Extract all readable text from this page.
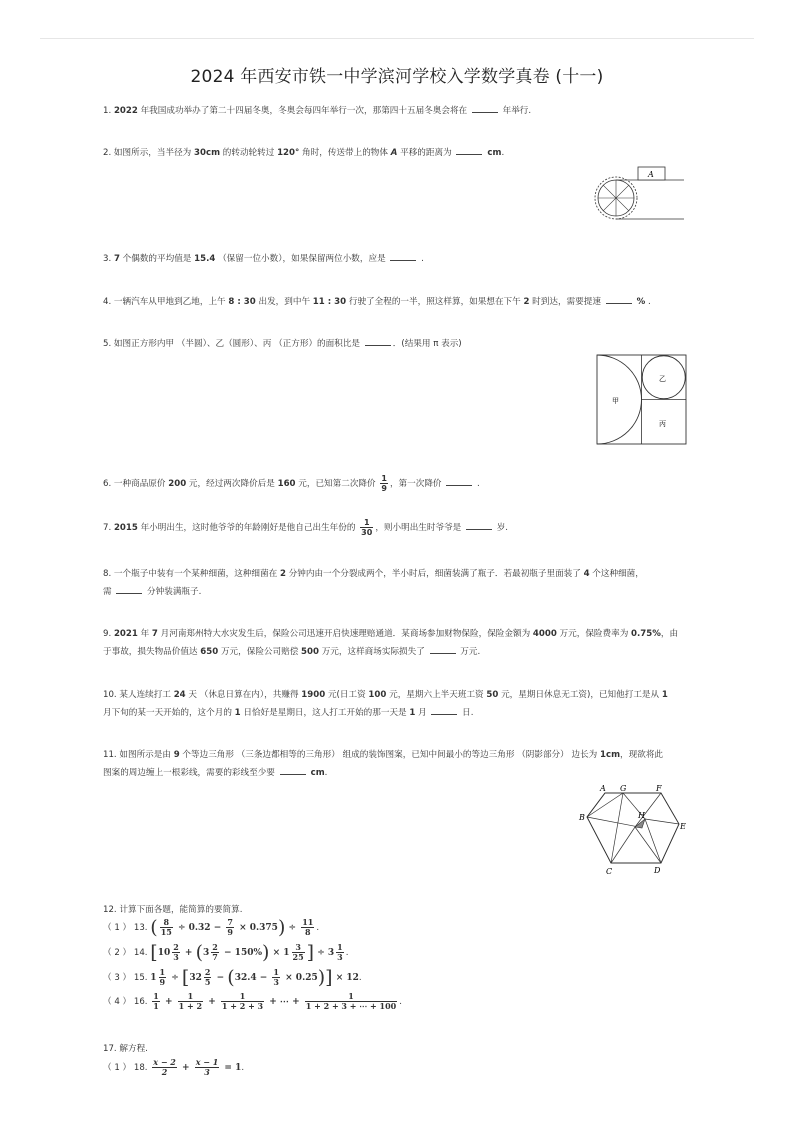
2024 年西安市铁一中学滨河学校入学数学真卷 (十一)
1. 2022 年我国成功举办了第二十四届冬奥，冬奥会每四年举行一次，那第四十五届冬奥会将在	年举行.
2. 如图所示，当半径为 30cm 的转动轮转过 120° 角时，传送带上的物体 A 平移的距离为	cm.
A
3. 7 个偶数的平均值是 15.4 （保留一位小数），如果保留两位小数，应是	.
4. 一辆汽车从甲地到乙地，上午 8 : 30 出发，到中午 11 : 30 行驶了全程的一半，照这样算，如果想在下午 2 时到达，需要提速	% .
5. 如图正方形内甲 （半圆）、乙（圆形）、丙 （正方形）的面积比是	．(结果用 π 表示)
甲
乙
丙
6. 一种商品原价 200 元，经过两次降价后是 160 元，已知第二次降价 $\frac{1}{9}$ ，第一次降价	.
7. 2015 年小明出生，这时他爷爷的年龄刚好是他自己出生年份的 $\frac{1}{30}$ ，则小明出生时爷爷是	岁.
8. 一个瓶子中装有一个某种细菌，这种细菌在 2 分钟内由一个分裂成两个，半小时后，细菌装满了瓶子．若最初瓶子里面装了 4 个这种细菌，
需	分钟装满瓶子.
9. 2021 年 7 月河南郑州特大水灾发生后，保险公司迅速开启快速理赔通道．某商场参加财物保险，保险金额为 4000 万元，保险费率为 0.75%，由
于事故，损失物品价值达 650 万元，保险公司赔偿 500 万元，这样商场实际损失了	万元.
10. 某人连续打工 24 天 （休息日算在内），共赚得 1900 元(日工资 100 元，星期六上半天班工资 50 元，星期日休息无工资)，已知他打工是从 1
月下旬的某一天开始的，这个月的 1 日恰好是星期日，这人打工开始的那一天是 1 月	日.
11. 如图所示是由 9 个等边三角形 （三条边都相等的三角形） 组成的装饰图案，已知中间最小的等边三角形 （阴影部分） 边长为 1cm，现欲将此
图案的周边缠上一根彩线，需要的彩线至少要	cm.
A G	F
B	H
E
C	D
12. 计算下面各题，能简算的要简算.
（ 1 ） 13. ( $\frac{8}{15} \div 0.32 - \frac{7}{9} \times 0.375) \div \frac{11}{8}$ .
（ 2 ） 14. [$10 \frac{2}{3} + (3 \frac{2}{7} - 150\%) \times 1 \frac{3}{25}$ ] ÷ $3 \frac{1}{3}$ .
（ 3 ） 15. $1 \frac{1}{9} \div [32 \frac{2}{5} - (32.4 - \frac{1}{3} \times 0.25)] \times 12$.
（ 4 ） 16. $\frac{1}{1} + \frac{1}{1 + 2} + \frac{1}{1 + 2 + 3}$ + ⋯ + $\frac{1}{1 + 2 + 3 + \cdots + 100}$ .
17. 解方程.
（ 1 ） 18. $\frac{x - 2}{2} + \frac{x - 1}{3} = 1$.
